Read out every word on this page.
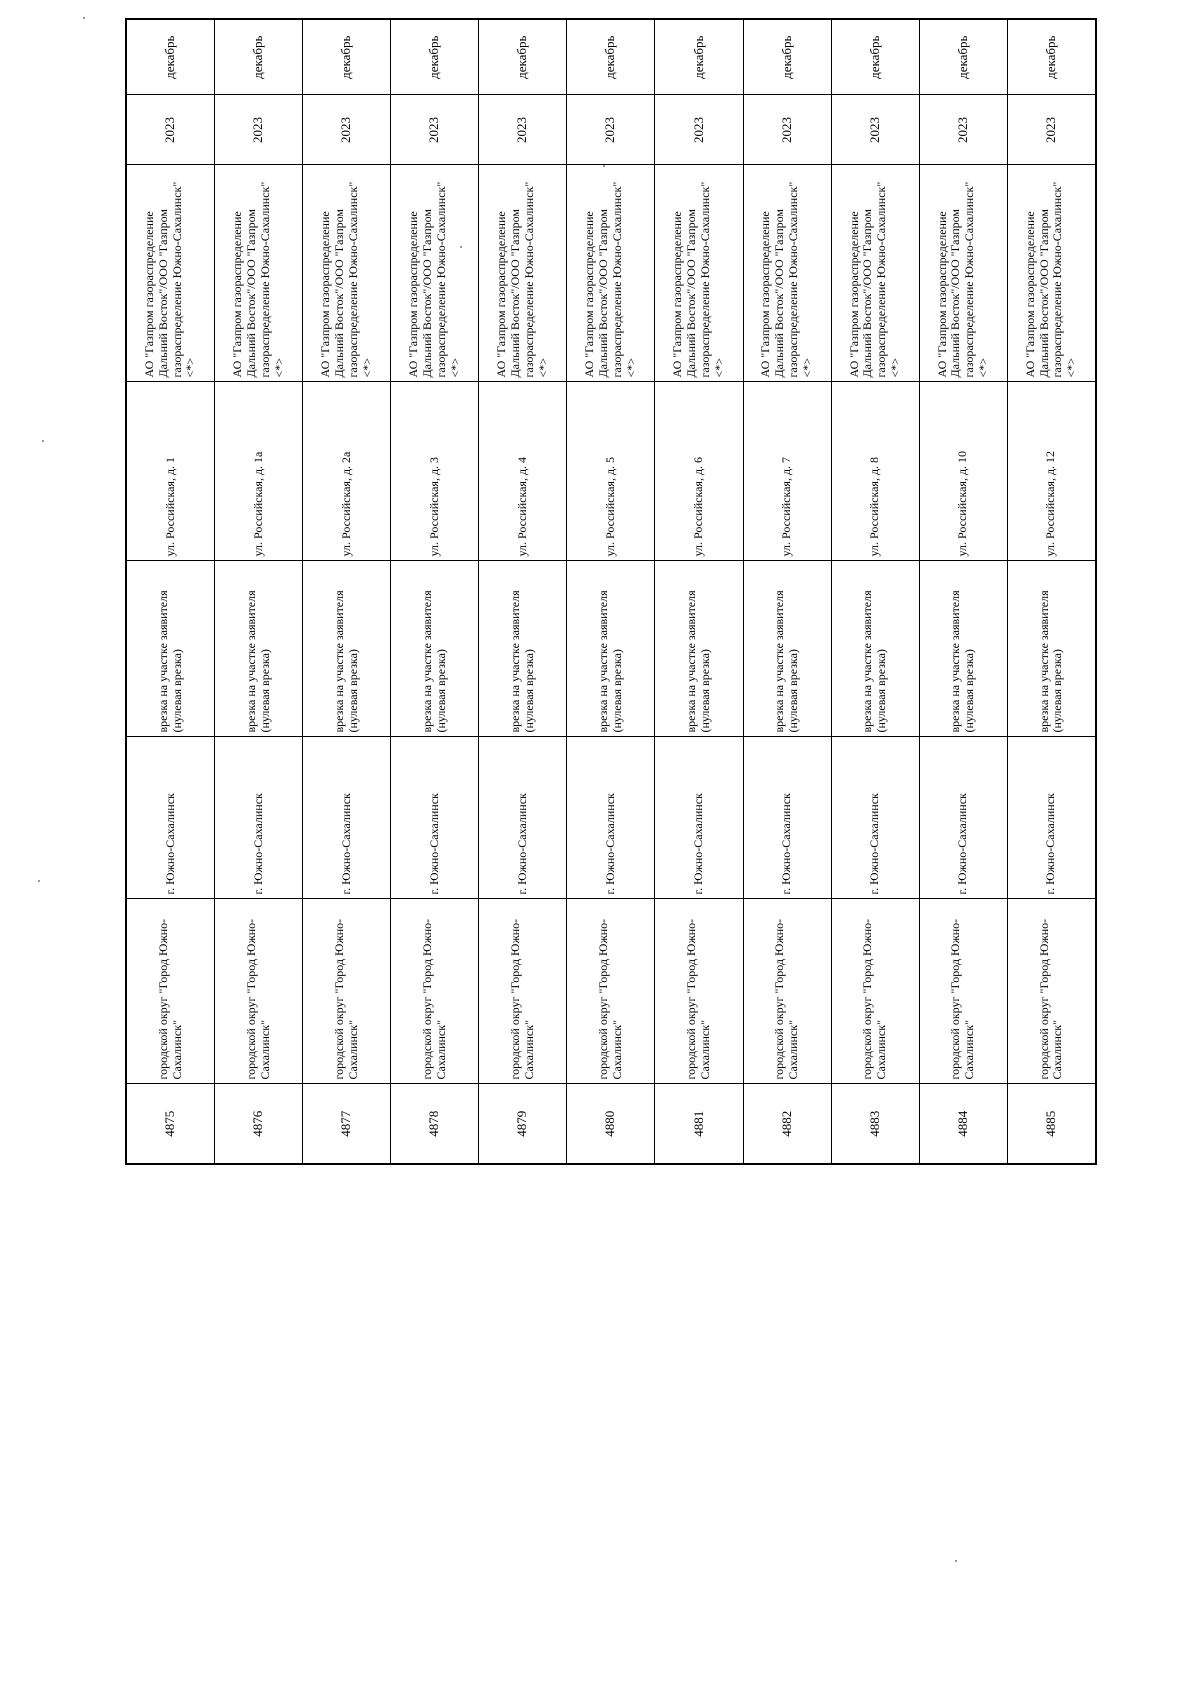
4875	городской округ "Город Южно-Сахалинск"	г. Южно-Сахалинск	врезка на участке заявителя (нулевая врезка)	ул. Российская, д. 1	АО "Газпром газораспределение Дальний Восток"/ООО "Газпром газораспределение Южно-Сахалинск" <*>	2023	декабрь
4876	городской округ "Город Южно-Сахалинск"	г. Южно-Сахалинск	врезка на участке заявителя (нулевая врезка)	ул. Российская, д. 1а	АО "Газпром газораспределение Дальний Восток"/ООО "Газпром газораспределение Южно-Сахалинск" <*>	2023	декабрь
4877	городской округ "Город Южно-Сахалинск"	г. Южно-Сахалинск	врезка на участке заявителя (нулевая врезка)	ул. Российская, д. 2а	АО "Газпром газораспределение Дальний Восток"/ООО "Газпром газораспределение Южно-Сахалинск" <*>	2023	декабрь
4878	городской округ "Город Южно-Сахалинск"	г. Южно-Сахалинск	врезка на участке заявителя (нулевая врезка)	ул. Российская, д. 3	АО "Газпром газораспределение Дальний Восток"/ООО "Газпром газораспределение Южно-Сахалинск" <*>	2023	декабрь
4879	городской округ "Город Южно-Сахалинск"	г. Южно-Сахалинск	врезка на участке заявителя (нулевая врезка)	ул. Российская, д. 4	АО "Газпром газораспределение Дальний Восток"/ООО "Газпром газораспределение Южно-Сахалинск" <*>	2023	декабрь
4880	городской округ "Город Южно-Сахалинск"	г. Южно-Сахалинск	врезка на участке заявителя (нулевая врезка)	ул. Российская, д. 5	АО "Газпром газораспределение Дальний Восток"/ООО "Газпром газораспределение Южно-Сахалинск" <*>	2023	декабрь
4881	городской округ "Город Южно-Сахалинск"	г. Южно-Сахалинск	врезка на участке заявителя (нулевая врезка)	ул. Российская, д. 6	АО "Газпром газораспределение Дальний Восток"/ООО "Газпром газораспределение Южно-Сахалинск" <*>	2023	декабрь
4882	городской округ "Город Южно-Сахалинск"	г. Южно-Сахалинск	врезка на участке заявителя (нулевая врезка)	ул. Российская, д. 7	АО "Газпром газораспределение Дальний Восток"/ООО "Газпром газораспределение Южно-Сахалинск" <*>	2023	декабрь
4883	городской округ "Город Южно-Сахалинск"	г. Южно-Сахалинск	врезка на участке заявителя (нулевая врезка)	ул. Российская, д. 8	АО "Газпром газораспределение Дальний Восток"/ООО "Газпром газораспределение Южно-Сахалинск" <*>	2023	декабрь
4884	городской округ "Город Южно-Сахалинск"	г. Южно-Сахалинск	врезка на участке заявителя (нулевая врезка)	ул. Российская, д. 10	АО "Газпром газораспределение Дальний Восток"/ООО "Газпром газораспределение Южно-Сахалинск" <*>	2023	декабрь
4885	городской округ "Город Южно-Сахалинск"	г. Южно-Сахалинск	врезка на участке заявителя (нулевая врезка)	ул. Российская, д. 12	АО "Газпром газораспределение Дальний Восток"/ООО "Газпром газораспределение Южно-Сахалинск" <*>	2023	декабрь
